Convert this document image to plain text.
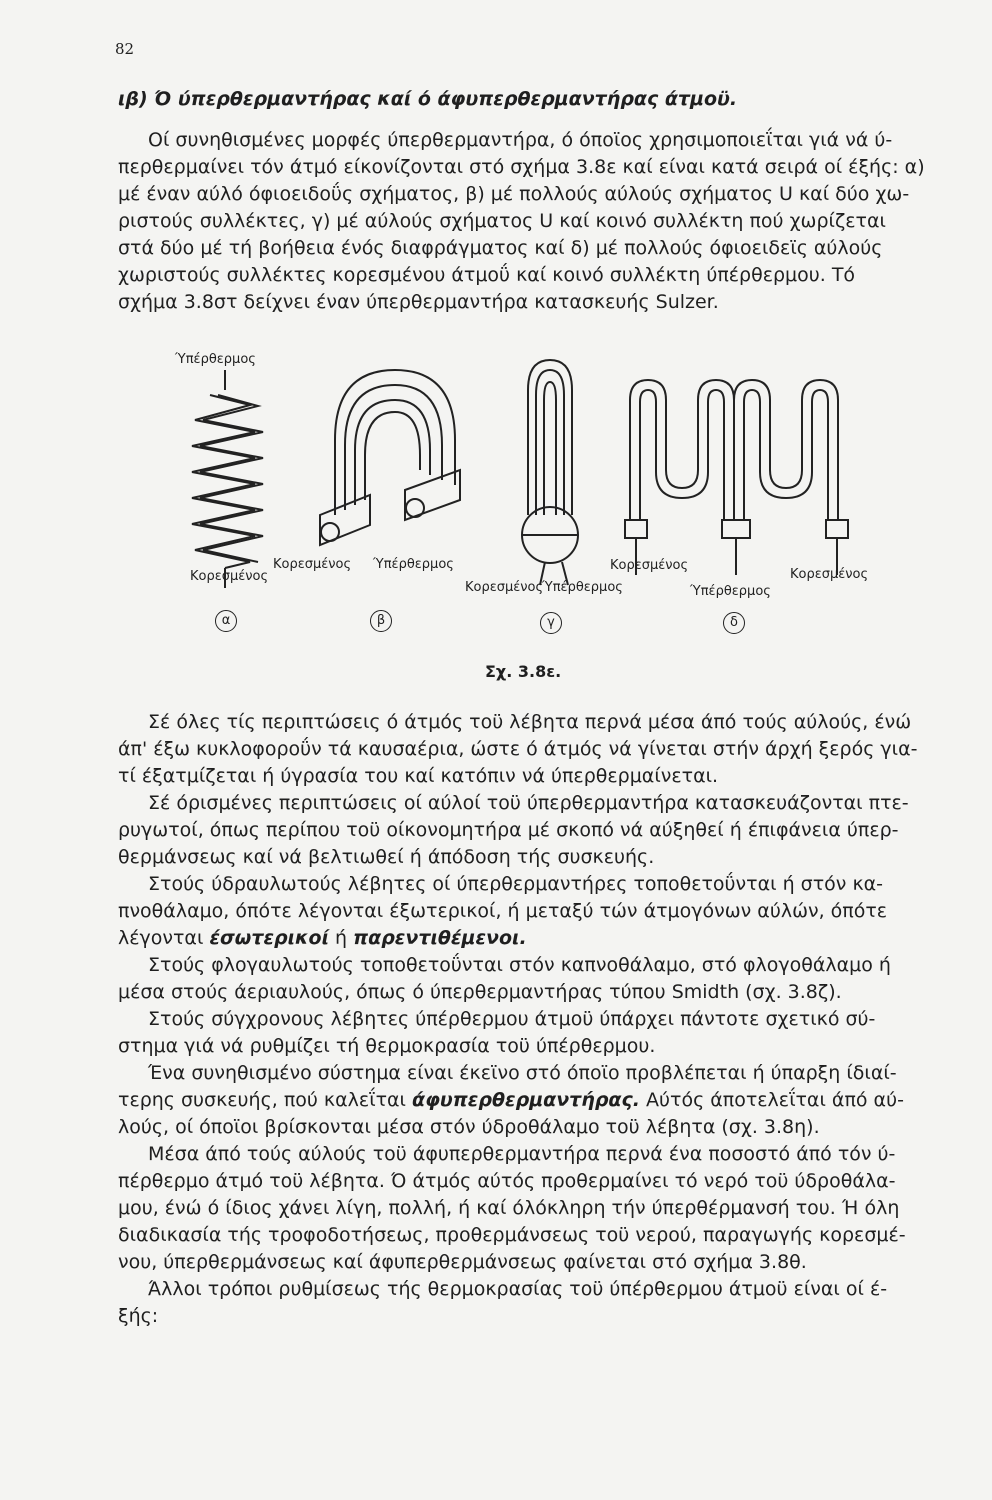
82
ιβ) Ό ύπερθερμαντήρας καί ό άφυπερθερμαντήρας άτμοϋ.
Οί συνηθισμένες μορφές ύπερθερμαντήρα, ό όποϊος χρησιμοποιεΐται γιά νά ύ-
περθερμαίνει τόν άτμό είκονίζονται στό σχήμα 3.8ε καί είναι κατά σειρά οί έξής: α)
μέ έναν αύλό όφιοειδοΰς σχήματος, β) μέ πολλούς αύλούς σχήματος U καί δύο χω-
ριστούς συλλέκτες, γ) μέ αύλούς σχήματος U καί κοινό συλλέκτη πού χωρίζεται
στά δύο μέ τή βοήθεια ένός διαφράγματος καί δ) μέ πολλούς όφιοειδεϊς αύλούς
χωριστούς συλλέκτες κορεσμένου άτμοΰ καί κοινό συλλέκτη ύπέρθερμου. Τό
σχήμα 3.8στ δείχνει έναν ύπερθερμαντήρα κατασκευής Sulzer.
Ύπέρθερμος
Κορεσμένος
Κορεσμένος Ύπέρθερμος
Κορεσμένος
Ύπέρθερμος
Κορεσμένος
Ύπέρθερμος
Κορεσμένος
α	β	γ	δ
Σχ. 3.8ε.
Σέ όλες τίς περιπτώσεις ό άτμός τοϋ λέβητα περνά μέσα άπό τούς αύλούς, ένώ
άπ' έξω κυκλοφοροΰν τά καυσαέρια, ώστε ό άτμός νά γίνεται στήν άρχή ξερός για-
τί έξατμίζεται ή ύγρασία του καί κατόπιν νά ύπερθερμαίνεται.
Σέ όρισμένες περιπτώσεις οί αύλοί τοϋ ύπερθερμαντήρα κατασκευάζονται πτε-
ρυγωτοί, όπως περίπου τοϋ οίκονομητήρα μέ σκοπό νά αύξηθεί ή έπιφάνεια ύπερ-
θερμάνσεως καί νά βελτιωθεί ή άπόδοση τής συσκευής.
Στούς ύδραυλωτούς λέβητες οί ύπερθερμαντήρες τοποθετοΰνται ή στόν κα-
πνοθάλαμο, όπότε λέγονται έξωτερικοί, ή μεταξύ τών άτμογόνων αύλών, όπότε
λέγονται έσωτερικοί ή παρεντιθέμενοι.
Στούς φλογαυλωτούς τοποθετοΰνται στόν καπνοθάλαμο, στό φλογοθάλαμο ή
μέσα στούς άεριαυλούς, όπως ό ύπερθερμαντήρας τύπου Smidth (σχ. 3.8ζ).
Στούς σύγχρονους λέβητες ύπέρθερμου άτμοϋ ύπάρχει πάντοτε σχετικό σύ-
στημα γιά νά ρυθμίζει τή θερμοκρασία τοϋ ύπέρθερμου.
Ένα συνηθισμένο σύστημα είναι έκεϊνο στό όποϊο προβλέπεται ή ύπαρξη ίδιαί-
τερης συσκευής, πού καλεΐται άφυπερθερμαντήρας. Αύτός άποτελεΐται άπό αύ-
λούς, οί όποϊοι βρίσκονται μέσα στόν ύδροθάλαμο τοϋ λέβητα (σχ. 3.8η).
Μέσα άπό τούς αύλούς τοϋ άφυπερθερμαντήρα περνά ένα ποσοστό άπό τόν ύ-
πέρθερμο άτμό τοϋ λέβητα. Ό άτμός αύτός προθερμαίνει τό νερό τοϋ ύδροθάλα-
μου, ένώ ό ίδιος χάνει λίγη, πολλή, ή καί όλόκληρη τήν ύπερθέρμανσή του. Ή όλη
διαδικασία τής τροφοδοτήσεως, προθερμάνσεως τοϋ νερού, παραγωγής κορεσμέ-
νου, ύπερθερμάνσεως καί άφυπερθερμάνσεως φαίνεται στό σχήμα 3.8θ.
Άλλοι τρόποι ρυθμίσεως τής θερμοκρασίας τοϋ ύπέρθερμου άτμοϋ είναι οί έ-
ξής:
